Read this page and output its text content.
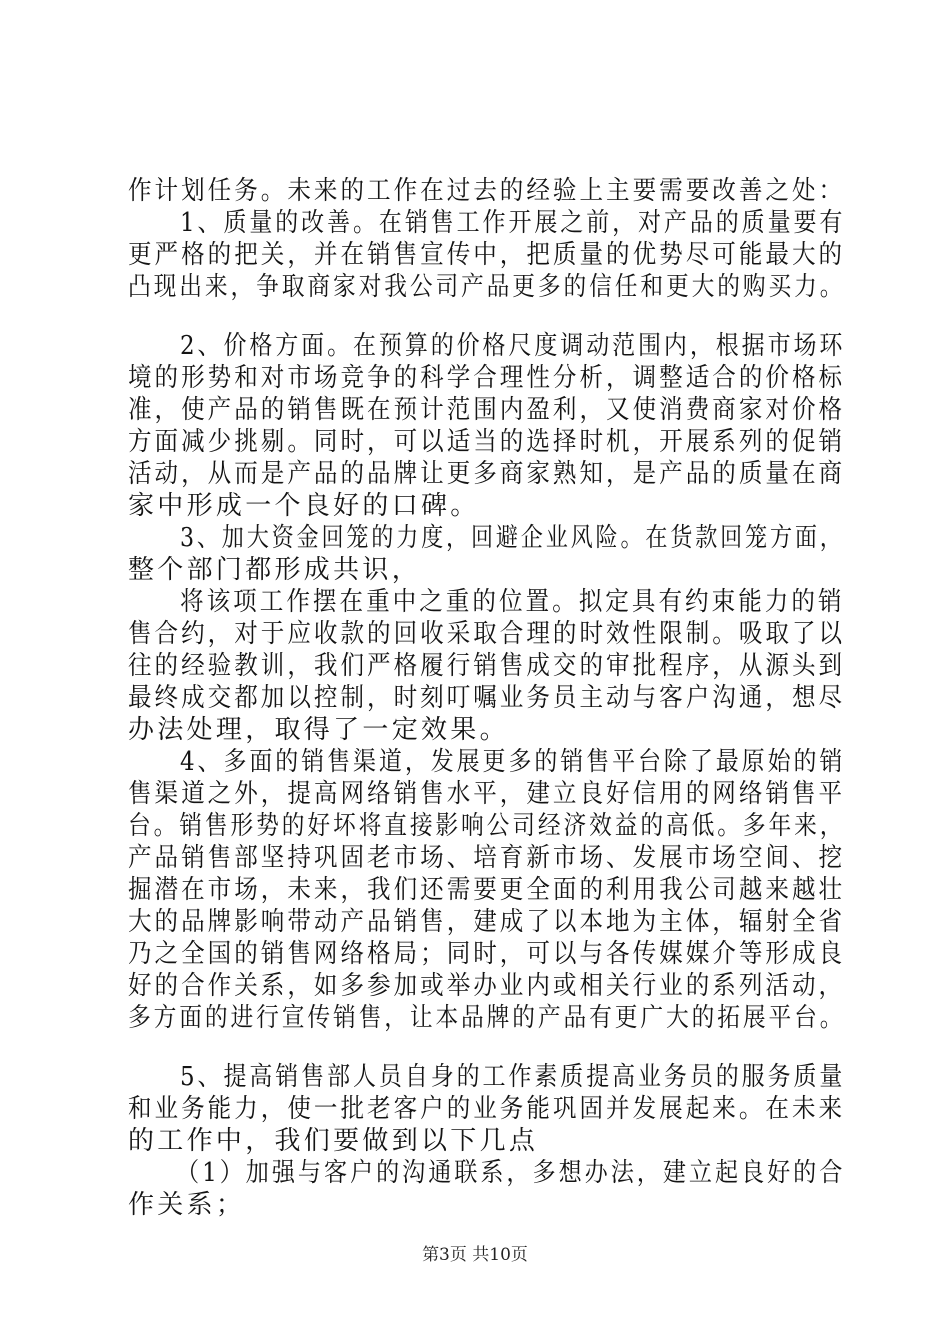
作计划任务。未来的工作在过去的经验上主要需要改善之处：
1、质量的改善。在销售工作开展之前，对产品的质量要有
更严格的把关，并在销售宣传中，把质量的优势尽可能最大的
凸现出来，争取商家对我公司产品更多的信任和更大的购买力。
2、价格方面。在预算的价格尺度调动范围内，根据市场环
境的形势和对市场竞争的科学合理性分析，调整适合的价格标
准，使产品的销售既在预计范围内盈利，又使消费商家对价格
方面减少挑剔。同时，可以适当的选择时机，开展系列的促销
活动，从而是产品的品牌让更多商家熟知，是产品的质量在商
家中形成一个良好的口碑。
3、加大资金回笼的力度，回避企业风险。在货款回笼方面，
整个部门都形成共识，
将该项工作摆在重中之重的位置。拟定具有约束能力的销
售合约，对于应收款的回收采取合理的时效性限制。吸取了以
往的经验教训，我们严格履行销售成交的审批程序，从源头到
最终成交都加以控制，时刻叮嘱业务员主动与客户沟通，想尽
办法处理，取得了一定效果。
4、多面的销售渠道，发展更多的销售平台除了最原始的销
售渠道之外，提高网络销售水平，建立良好信用的网络销售平
台。销售形势的好坏将直接影响公司经济效益的高低。多年来，
产品销售部坚持巩固老市场、培育新市场、发展市场空间、挖
掘潜在市场，未来，我们还需要更全面的利用我公司越来越壮
大的品牌影响带动产品销售，建成了以本地为主体，辐射全省
乃之全国的销售网络格局；同时，可以与各传媒媒介等形成良
好的合作关系，如多参加或举办业内或相关行业的系列活动，
多方面的进行宣传销售，让本品牌的产品有更广大的拓展平台。
5、提高销售部人员自身的工作素质提高业务员的服务质量
和业务能力，使一批老客户的业务能巩固并发展起来。在未来
的工作中，我们要做到以下几点
（1）加强与客户的沟通联系，多想办法，建立起良好的合
作关系；
第3页 共10页
